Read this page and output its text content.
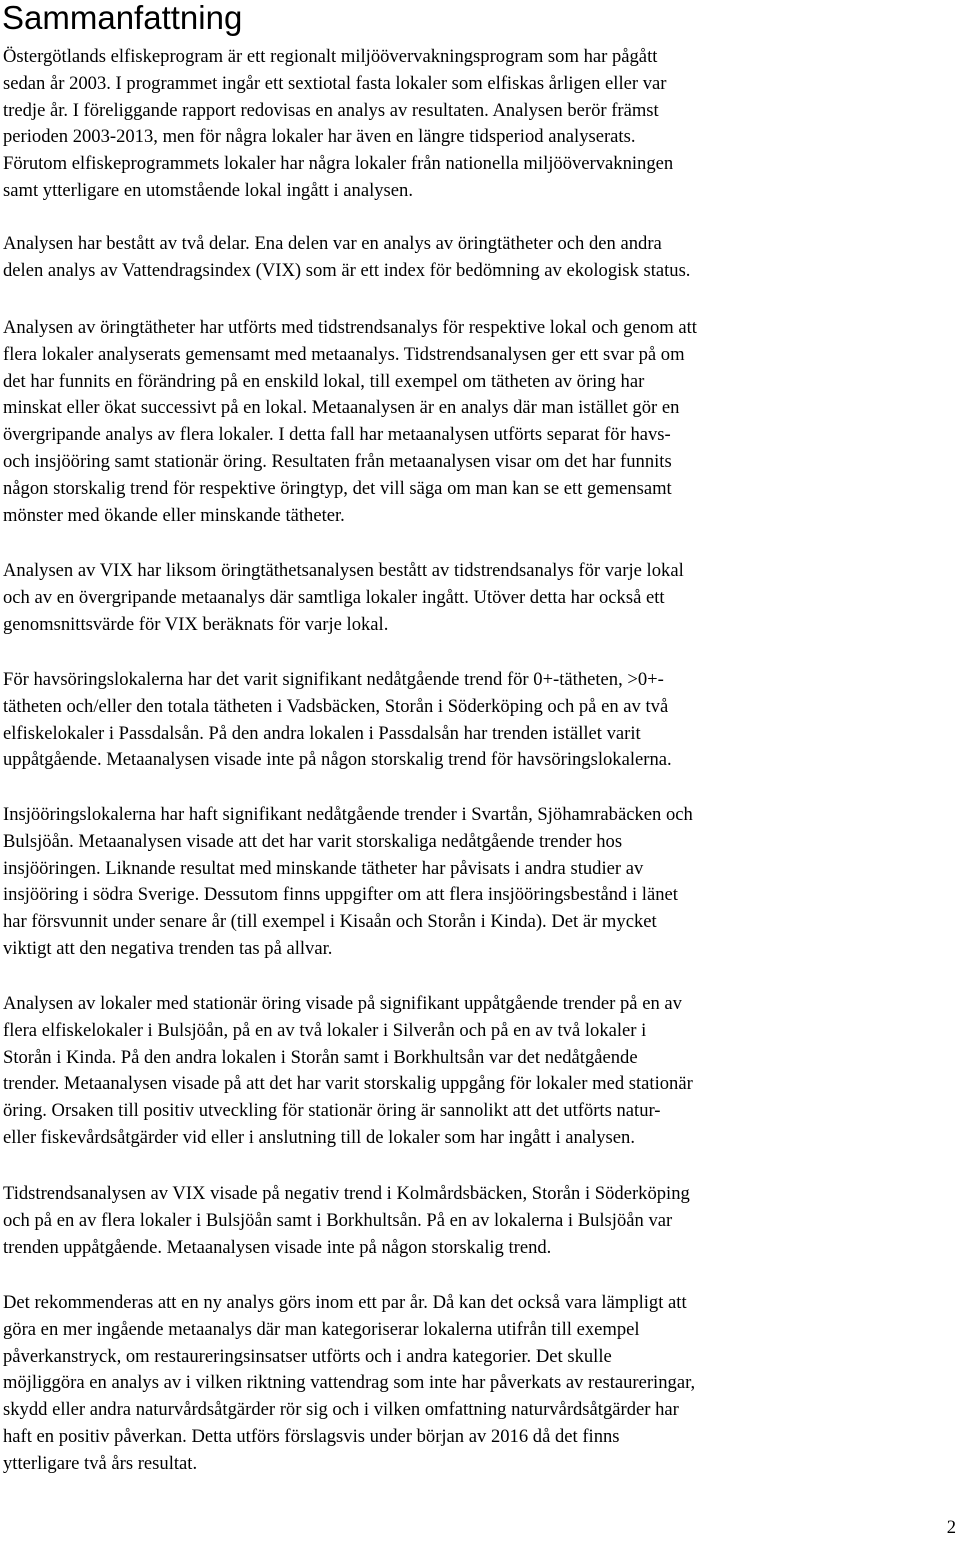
Sammanfattning

Östergötlands elfiskeprogram är ett regionalt miljöövervakningsprogram som har pågått
sedan år 2003. I programmet ingår ett sextiotal fasta lokaler som elfiskas årligen eller var
tredje år. I föreliggande rapport redovisas en analys av resultaten. Analysen berör främst
perioden 2003-2013, men för några lokaler har även en längre tidsperiod analyserats.
Förutom elfiskeprogrammets lokaler har några lokaler från nationella miljöövervakningen
samt ytterligare en utomstående lokal ingått i analysen.

Analysen har bestått av två delar. Ena delen var en analys av öringtätheter och den andra
delen analys av Vattendragsindex (VIX) som är ett index för bedömning av ekologisk status.

Analysen av öringtätheter har utförts med tidstrendsanalys för respektive lokal och genom att
flera lokaler analyserats gemensamt med metaanalys. Tidstrendsanalysen ger ett svar på om
det har funnits en förändring på en enskild lokal, till exempel om tätheten av öring har
minskat eller ökat successivt på en lokal. Metaanalysen är en analys där man istället gör en
övergripande analys av flera lokaler. I detta fall har metaanalysen utförts separat för havs-
och insjööring samt stationär öring. Resultaten från metaanalysen visar om det har funnits
någon storskalig trend för respektive öringtyp, det vill säga om man kan se ett gemensamt
mönster med ökande eller minskande tätheter.

Analysen av VIX har liksom öringtäthetsanalysen bestått av tidstrendsanalys för varje lokal
och av en övergripande metaanalys där samtliga lokaler ingått. Utöver detta har också ett
genomsnittsvärde för VIX beräknats för varje lokal.

För havsöringslokalerna har det varit signifikant nedåtgående trend för 0+-tätheten, >0+-
tätheten och/eller den totala tätheten i Vadsbäcken, Storån i Söderköping och på en av två
elfiskelokaler i Passdalsån. På den andra lokalen i Passdalsån har trenden istället varit
uppåtgående. Metaanalysen visade inte på någon storskalig trend för havsöringslokalerna.

Insjööringslokalerna har haft signifikant nedåtgående trender i Svartån, Sjöhamrabäcken och
Bulsjöån. Metaanalysen visade att det har varit storskaliga nedåtgående trender hos
insjööringen. Liknande resultat med minskande tätheter har påvisats i andra studier av
insjööring i södra Sverige. Dessutom finns uppgifter om att flera insjööringsbestånd i länet
har försvunnit under senare år (till exempel i Kisaån och Storån i Kinda). Det är mycket
viktigt att den negativa trenden tas på allvar.

Analysen av lokaler med stationär öring visade på signifikant uppåtgående trender på en av
flera elfiskelokaler i Bulsjöån, på en av två lokaler i Silverån och på en av två lokaler i
Storån i Kinda. På den andra lokalen i Storån samt i Borkhultsån var det nedåtgående
trender. Metaanalysen visade på att det har varit storskalig uppgång för lokaler med stationär
öring. Orsaken till positiv utveckling för stationär öring är sannolikt att det utförts natur-
eller fiskevårdsåtgärder vid eller i anslutning till de lokaler som har ingått i analysen.

Tidstrendsanalysen av VIX visade på negativ trend i Kolmårdsbäcken, Storån i Söderköping
och på en av flera lokaler i Bulsjöån samt i Borkhultsån. På en av lokalerna i Bulsjöån var
trenden uppåtgående. Metaanalysen visade inte på någon storskalig trend.

Det rekommenderas att en ny analys görs inom ett par år. Då kan det också vara lämpligt att
göra en mer ingående metaanalys där man kategoriserar lokalerna utifrån till exempel
påverkanstryck, om restaureringsinsatser utförts och i andra kategorier. Det skulle
möjliggöra en analys av i vilken riktning vattendrag som inte har påverkats av restaureringar,
skydd eller andra naturvårdsåtgärder rör sig och i vilken omfattning naturvårdsåtgärder har
haft en positiv påverkan. Detta utförs förslagsvis under början av 2016 då det finns
ytterligare två års resultat.

2
